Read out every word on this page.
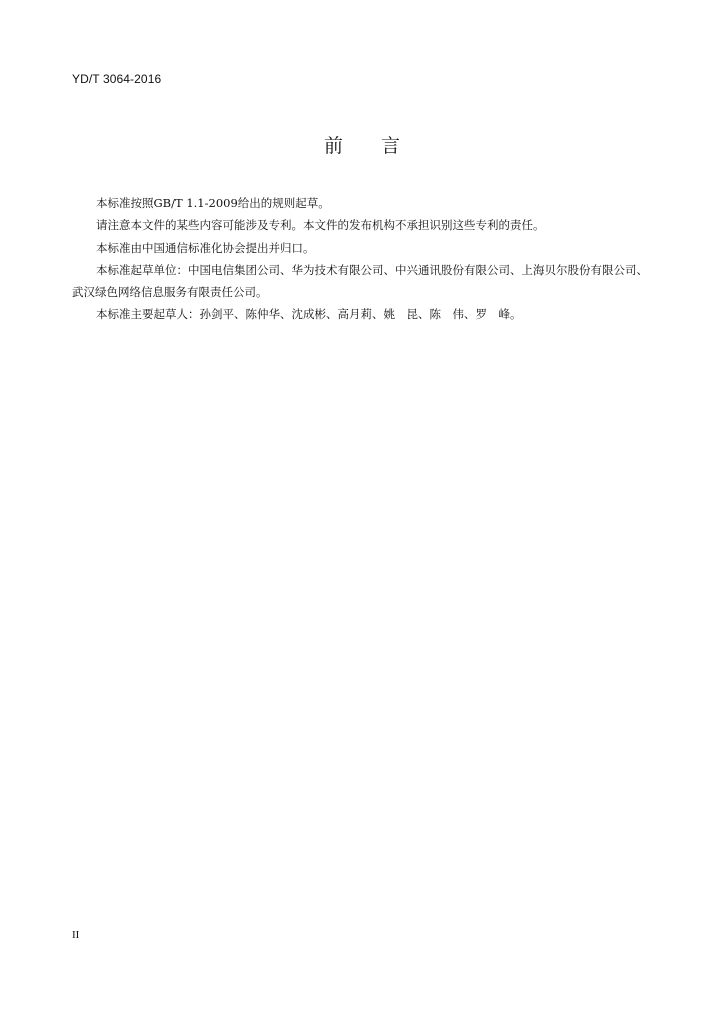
YD/T 3064-2016
前言

本标准按照GB/T 1.1-2009给出的规则起草。

请注意本文件的某些内容可能涉及专利。本文件的发布机构不承担识别这些专利的责任。

本标准由中国通信标准化协会提出并归口。

本标准起草单位：中国电信集团公司、华为技术有限公司、中兴通讯股份有限公司、上海贝尔股份有限公司、武汉绿色网络信息服务有限责任公司。

本标准主要起草人：孙剑平、陈仲华、沈成彬、高月莉、姚　昆、陈　伟、罗　峰。

II
